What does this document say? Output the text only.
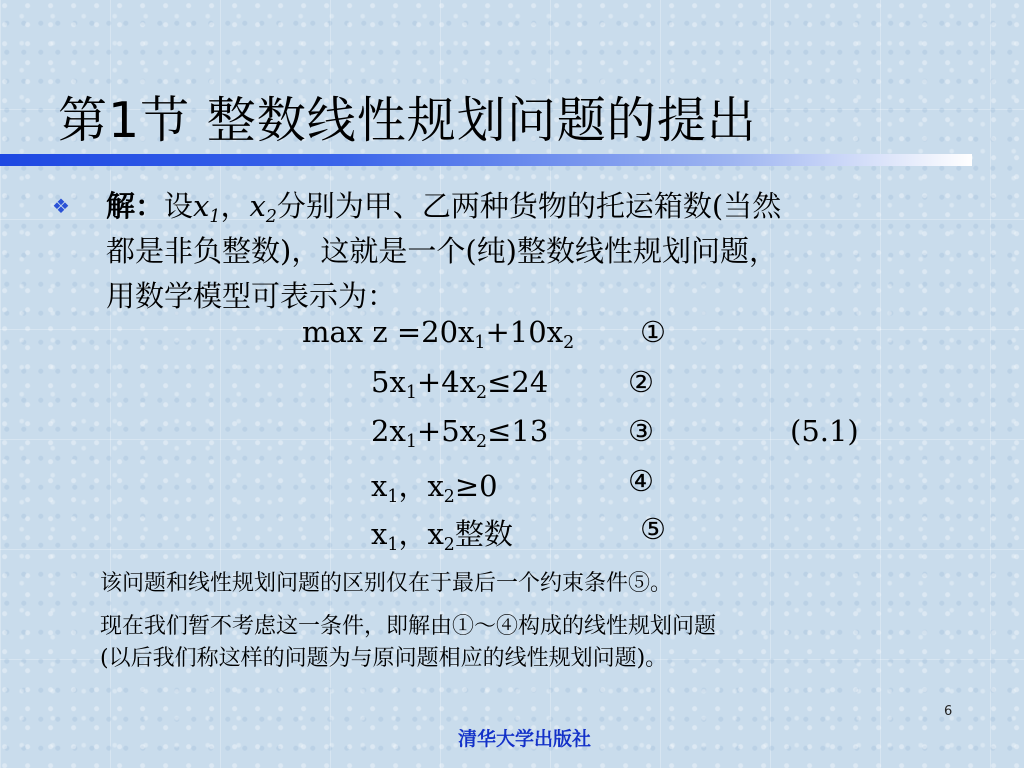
第1节 整数线性规划问题的提出
❖ 解：设$x_1$，$x_2$分别为甲、乙两种货物的托运箱数(当然

都是非负整数)，这就是一个(纯)整数线性规划问题，

用数学模型可表示为：

$\max z =20x_1+10x_2$ ①
$5x_1+4x_2\le 24$	②
$2x_1+5x_2\le 13$	③	(5.1)
$x_1$，$x_2\ge 0$	④
$x_1$，$x_2$整数	⑤
该问题和线性规划问题的区别仅在于最后一个约束条件⑤。
现在我们暂不考虑这一条件，即解由①～④构成的线性规划问题
(以后我们称这样的问题为与原问题相应的线性规划问题)。
6
清华大学出版社
